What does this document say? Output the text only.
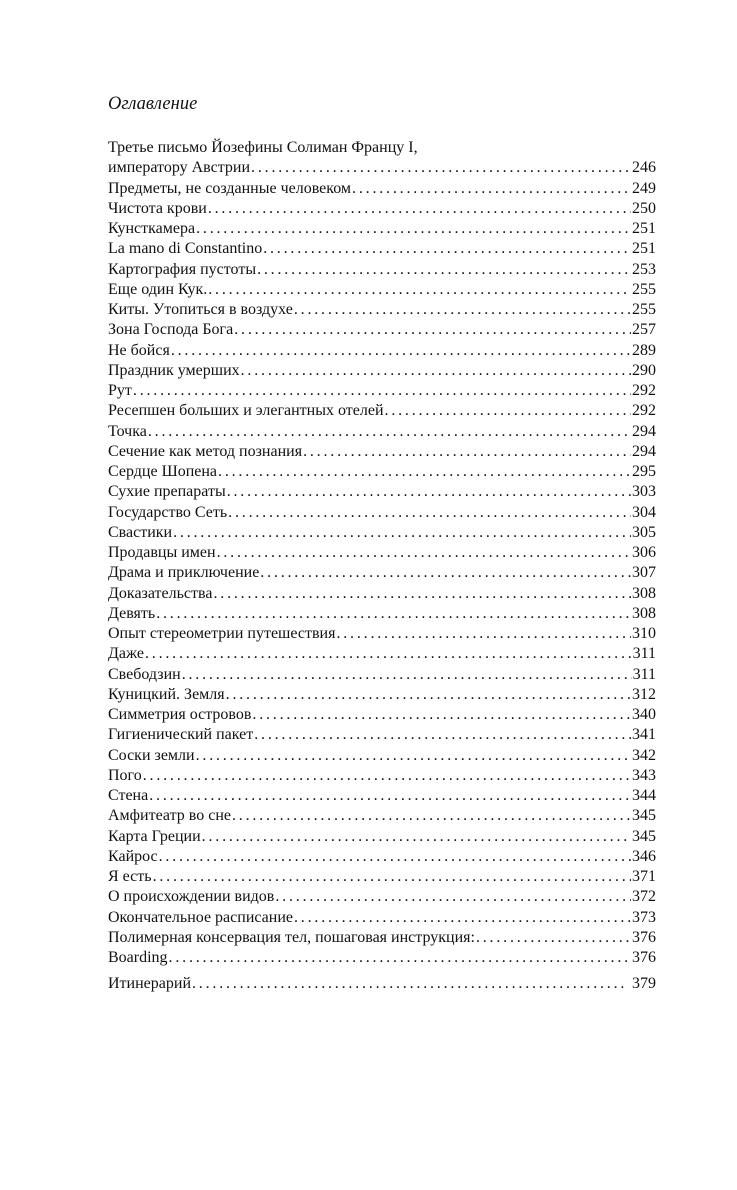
Оглавление
Третье письмо Йозефины Солиман Францу I,
императору Австрии . . .	246
Предметы, не созданные человеком . . .	249
Чистота крови . . .	250
Кунсткамера . . .	251
La mano di Constantino . . .	251
Картография пустоты . . .	253
Еще один Кук. . . .	255
Киты. Утопиться в воздухе . . .	255
Зона Господа Бога . . .	257
Не бойся . . .	289
Праздник умерших . . .	290
Рут . . .	292
Ресепшен больших и элегантных отелей . . .	292
Точка . . .	294
Сечение как метод познания . . .	294
Сердце Шопена . . .	295
Сухие препараты . . .	303
Государство Сеть . . .	304
Свастики . . .	305
Продавцы имен . . .	306
Драма и приключение . . .	307
Доказательства . . .	308
Девять . . .	308
Опыт стереометрии путешествия . . .	310
Даже . . .	311
Свебодзин . . .	311
Куницкий. Земля . . .	312
Симметрия островов . . .	340
Гигиенический пакет . . .	341
Соски земли . . .	342
Пого . . .	343
Стена . . .	344
Амфитеатр во сне . . .	345
Карта Греции . . .	345
Кайрос . . .	346
Я есть . . .	371
О происхождении видов . . .	372
Окончательное расписание . . .	373
Полимерная консервация тел, пошаговая инструкция: . . .	376
Boarding . . .	376
Итинерарий . . .	379
